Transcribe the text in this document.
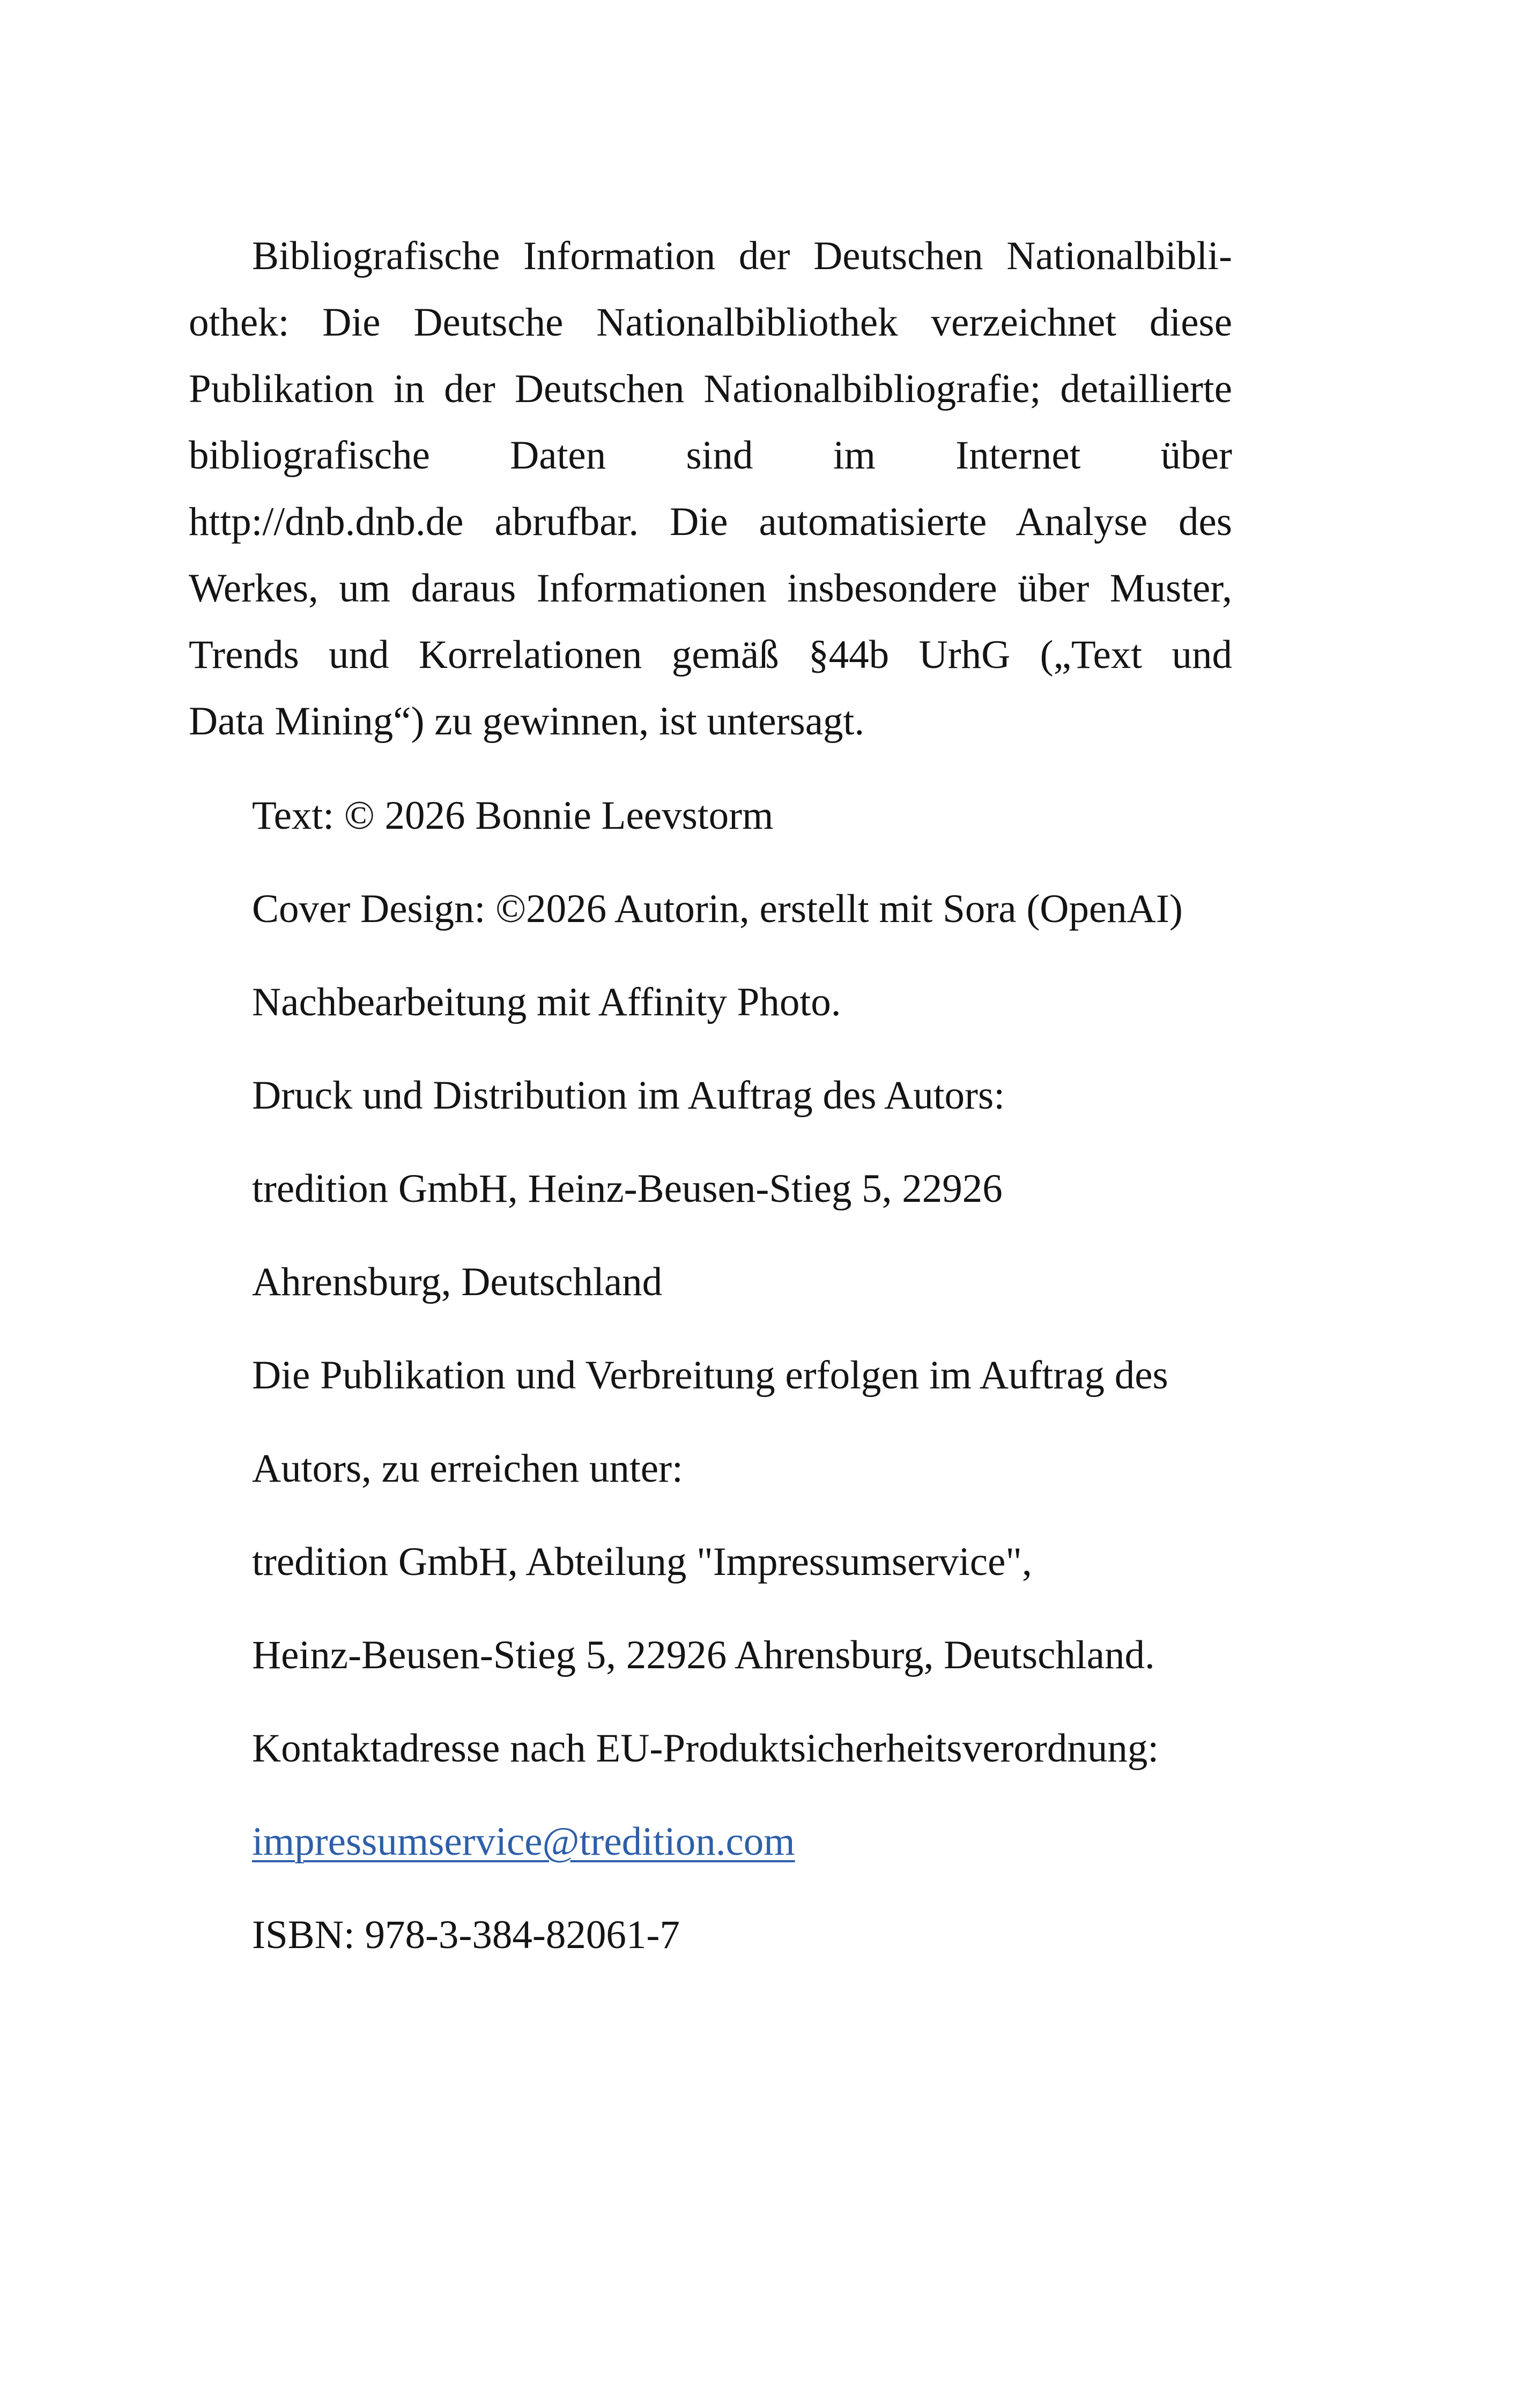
Bibliografische Information der Deutschen Nationalbibli-
othek: Die Deutsche Nationalbibliothek verzeichnet diese
Publikation in der Deutschen Nationalbibliografie; detaillierte
bibliografische Daten sind im Internet über
http://dnb.dnb.de abrufbar. Die automatisierte Analyse des
Werkes, um daraus Informationen insbesondere über Muster,
Trends und Korrelationen gemäß §44b UrhG („Text und
Data Mining“) zu gewinnen, ist untersagt.

Text: © 2026 Bonnie Leevstorm

Cover Design: ©2026 Autorin, erstellt mit Sora (OpenAI)

Nachbearbeitung mit Affinity Photo.

Druck und Distribution im Auftrag des Autors:

tredition GmbH, Heinz-Beusen-Stieg 5, 22926

Ahrensburg, Deutschland

Die Publikation und Verbreitung erfolgen im Auftrag des

Autors, zu erreichen unter:

tredition GmbH, Abteilung "Impressumservice",

Heinz-Beusen-Stieg 5, 22926 Ahrensburg, Deutschland.

Kontaktadresse nach EU-Produktsicherheitsverordnung:

impressumservice@tredition.com

ISBN: 978-3-384-82061-7
